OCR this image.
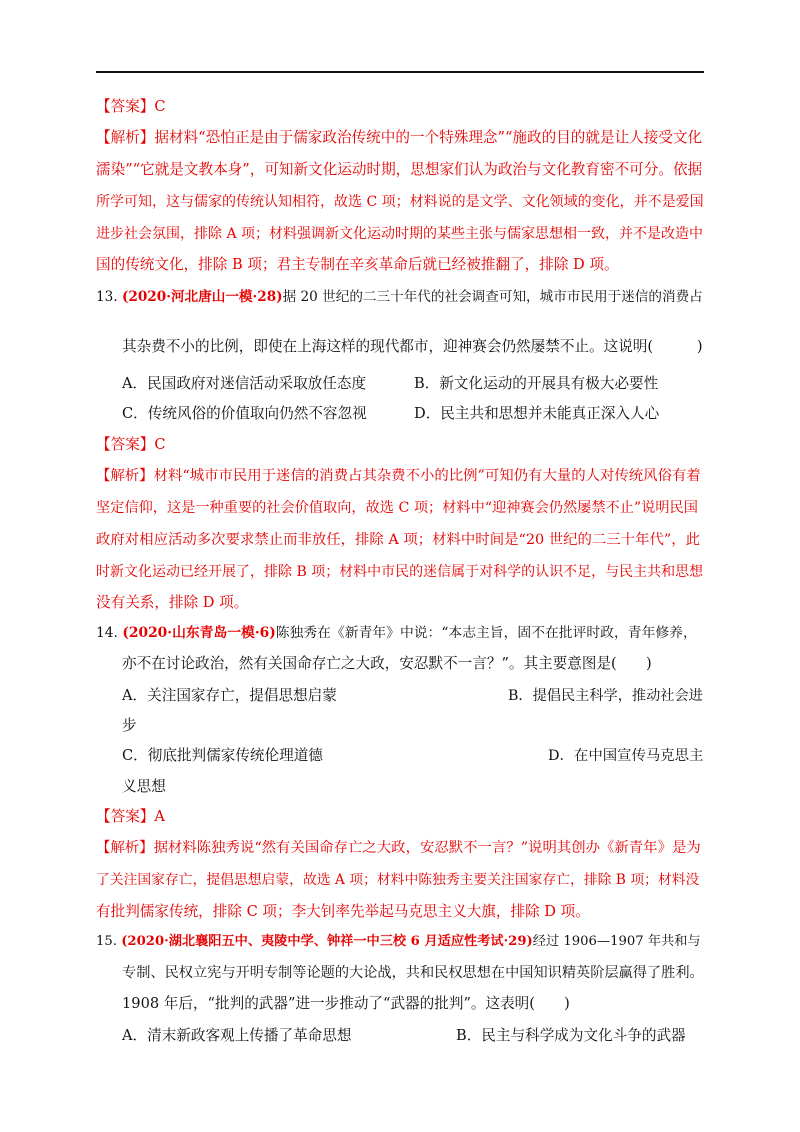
【答案】C
【解析】据材料“恐怕正是由于儒家政治传统中的一个特殊理念”“施政的目的就是让人接受文化
濡染”“它就是文教本身”，可知新文化运动时期，思想家们认为政治与文化教育密不可分。依据
所学可知，这与儒家的传统认知相符，故选 C 项；材料说的是文学、文化领域的变化，并不是爱国
进步社会氛围，排除 A 项；材料强调新文化运动时期的某些主张与儒家思想相一致，并不是改造中
国的传统文化，排除 B 项；君主专制在辛亥革命后就已经被推翻了，排除 D 项。
13. (2020·河北唐山一模·28)据 20 世纪的二三十年代的社会调查可知，城市市民用于迷信的消费占
其杂费不小的比例，即使在上海这样的现代都市，迎神赛会仍然屡禁不止。这说明(　　　)
A．民国政府对迷信活动采取放任态度	B．新文化运动的开展具有极大必要性
C．传统风俗的价值取向仍然不容忽视	D．民主共和思想并未能真正深入人心
【答案】C
【解析】材料“城市市民用于迷信的消费占其杂费不小的比例”可知仍有大量的人对传统风俗有着
坚定信仰，这是一种重要的社会价值取向，故选 C 项；材料中“迎神赛会仍然屡禁不止”说明民国
政府对相应活动多次要求禁止而非放任，排除 A 项；材料中时间是“20 世纪的二三十年代”，此
时新文化运动已经开展了，排除 B 项；材料中市民的迷信属于对科学的认识不足，与民主共和思想
没有关系，排除 D 项。
14. (2020·山东青岛一模·6)陈独秀在《新青年》中说：“本志主旨，固不在批评时政，青年修养，
亦不在讨论政治，然有关国命存亡之大政，安忍默不一言？”。其主要意图是(　　)
A．关注国家存亡，提倡思想启蒙	B．提倡民主科学，推动社会进
步
C．彻底批判儒家传统伦理道德	D．在中国宣传马克思主
义思想
【答案】A
【解析】据材料陈独秀说“然有关国命存亡之大政，安忍默不一言？”说明其创办《新青年》是为
了关注国家存亡，提倡思想启蒙，故选 A 项；材料中陈独秀主要关注国家存亡，排除 B 项；材料没
有批判儒家传统，排除 C 项；李大钊率先举起马克思主义大旗，排除 D 项。
15. (2020·湖北襄阳五中、夷陵中学、钟祥一中三校 6 月适应性考试·29)经过 1906—1907 年共和与
专制、民权立宪与开明专制等论题的大论战，共和民权思想在中国知识精英阶层赢得了胜利。
1908 年后，“批判的武器”进一步推动了“武器的批判”。这表明(　　)
A．清末新政客观上传播了革命思想	B．民主与科学成为文化斗争的武器
